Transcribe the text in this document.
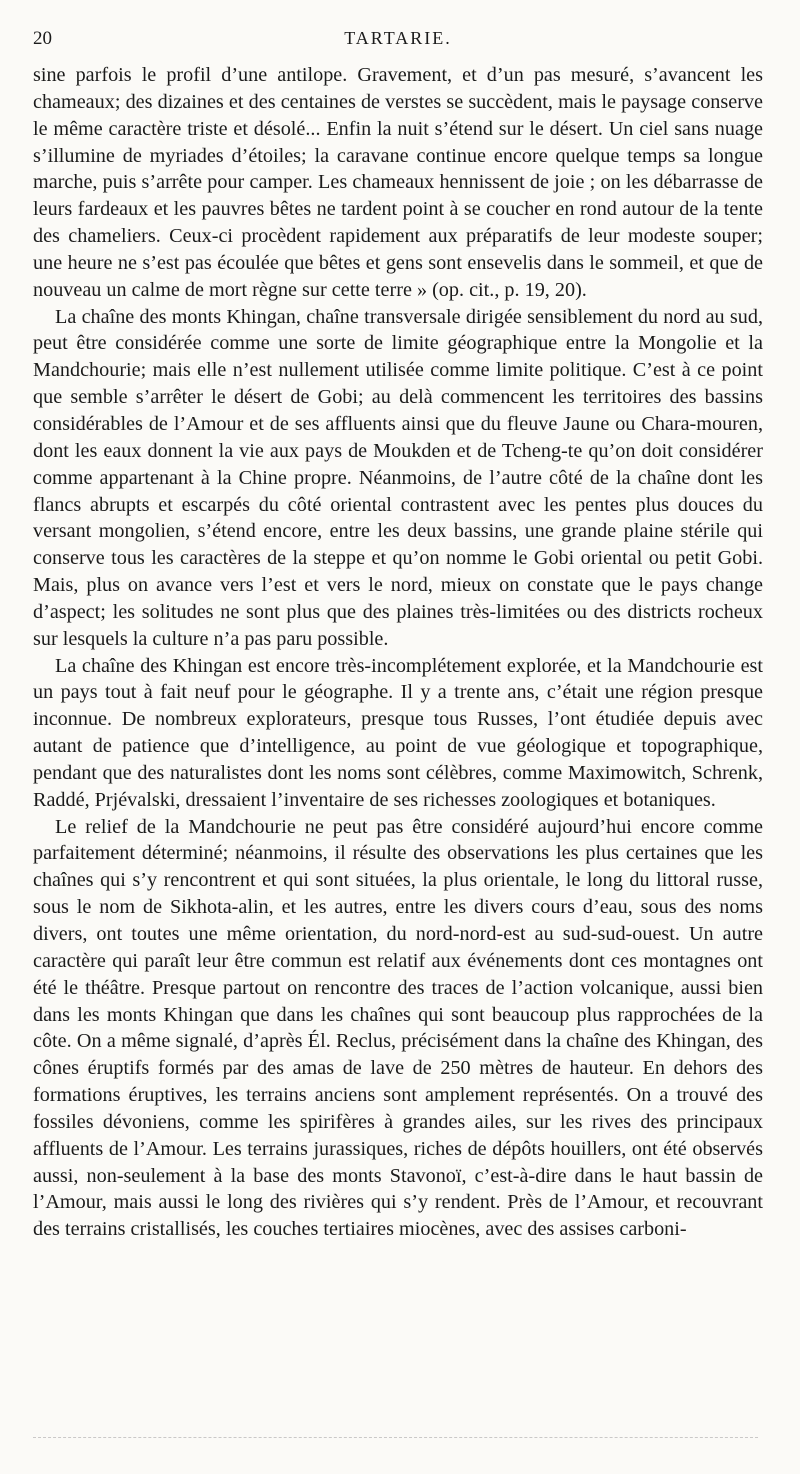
20	TARTARIE.

sine parfois le profil d’une antilope. Gravement, et d’un pas mesuré, s’avancent les chameaux; des dizaines et des centaines de verstes se succèdent, mais le paysage conserve le même caractère triste et désolé... Enfin la nuit s’étend sur le désert. Un ciel sans nuage s’illumine de myriades d’étoiles; la caravane continue encore quelque temps sa longue marche, puis s’arrête pour camper. Les chameaux hennissent de joie ; on les débarrasse de leurs fardeaux et les pauvres bêtes ne tardent point à se coucher en rond autour de la tente des chameliers. Ceux-ci procèdent rapidement aux préparatifs de leur modeste souper; une heure ne s’est pas écoulée que bêtes et gens sont ensevelis dans le sommeil, et que de nouveau un calme de mort règne sur cette terre » (op. cit., p. 19, 20).

La chaîne des monts Khingan, chaîne transversale dirigée sensiblement du nord au sud, peut être considérée comme une sorte de limite géographique entre la Mongolie et la Mandchourie; mais elle n’est nullement utilisée comme limite politique. C’est à ce point que semble s’arrêter le désert de Gobi; au delà commencent les territoires des bassins considérables de l’Amour et de ses affluents ainsi que du fleuve Jaune ou Chara-mouren, dont les eaux donnent la vie aux pays de Moukden et de Tcheng-te qu’on doit considérer comme appartenant à la Chine propre. Néanmoins, de l’autre côté de la chaîne dont les flancs abrupts et escarpés du côté oriental contrastent avec les pentes plus douces du versant mongolien, s’étend encore, entre les deux bassins, une grande plaine stérile qui conserve tous les caractères de la steppe et qu’on nomme le Gobi oriental ou petit Gobi. Mais, plus on avance vers l’est et vers le nord, mieux on constate que le pays change d’aspect; les solitudes ne sont plus que des plaines très-limitées ou des districts rocheux sur lesquels la culture n’a pas paru possible.

La chaîne des Khingan est encore très-incomplétement explorée, et la Mandchourie est un pays tout à fait neuf pour le géographe. Il y a trente ans, c’était une région presque inconnue. De nombreux explorateurs, presque tous Russes, l’ont étudiée depuis avec autant de patience que d’intelligence, au point de vue géologique et topographique, pendant que des naturalistes dont les noms sont célèbres, comme Maximowitch, Schrenk, Raddé, Prjévalski, dressaient l’inventaire de ses richesses zoologiques et botaniques.

Le relief de la Mandchourie ne peut pas être considéré aujourd’hui encore comme parfaitement déterminé; néanmoins, il résulte des observations les plus certaines que les chaînes qui s’y rencontrent et qui sont situées, la plus orientale, le long du littoral russe, sous le nom de Sikhota-alin, et les autres, entre les divers cours d’eau, sous des noms divers, ont toutes une même orientation, du nord-nord-est au sud-sud-ouest. Un autre caractère qui paraît leur être commun est relatif aux événements dont ces montagnes ont été le théâtre. Presque partout on rencontre des traces de l’action volcanique, aussi bien dans les monts Khingan que dans les chaînes qui sont beaucoup plus rapprochées de la côte. On a même signalé, d’après Él. Reclus, précisément dans la chaîne des Khingan, des cônes éruptifs formés par des amas de lave de 250 mètres de hauteur. En dehors des formations éruptives, les terrains anciens sont amplement représentés. On a trouvé des fossiles dévoniens, comme les spirifères à grandes ailes, sur les rives des principaux affluents de l’Amour. Les terrains jurassiques, riches de dépôts houillers, ont été observés aussi, non-seulement à la base des monts Stavonoï, c’est-à-dire dans le haut bassin de l’Amour, mais aussi le long des rivières qui s’y rendent. Près de l’Amour, et recouvrant des terrains cristallisés, les couches tertiaires miocènes, avec des assises carboni-
